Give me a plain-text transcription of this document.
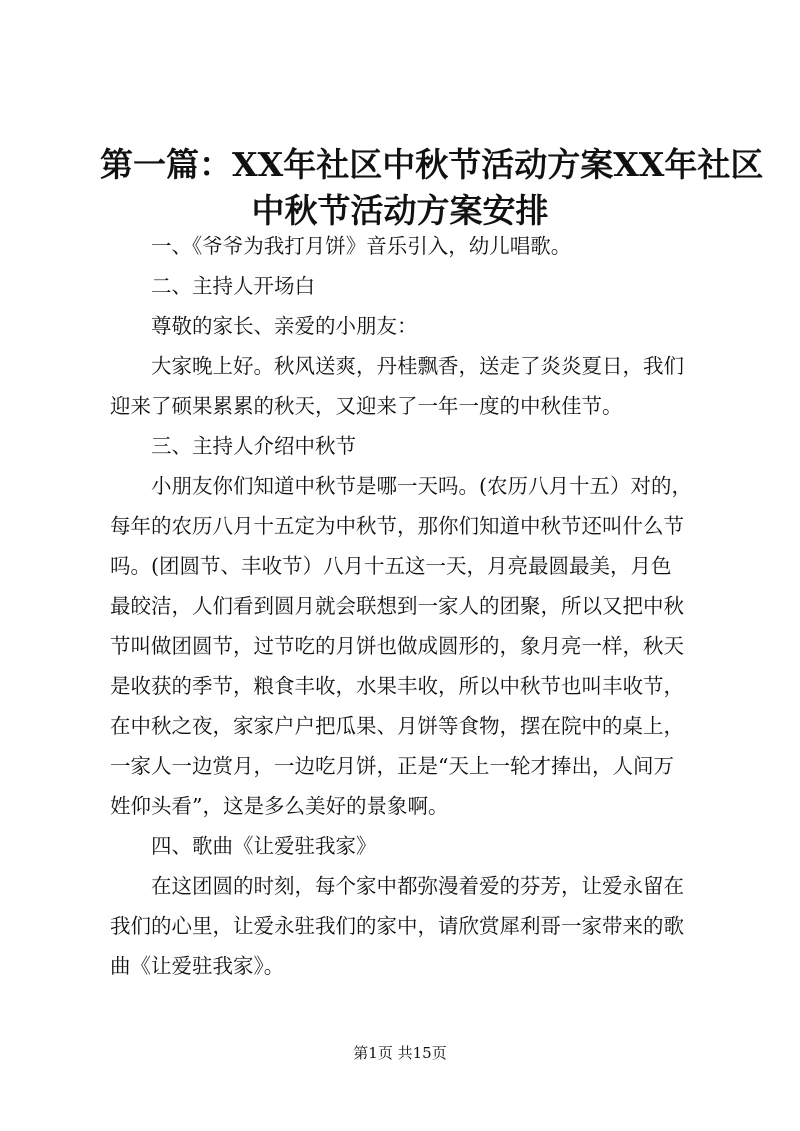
第一篇：XX年社区中秋节活动方案XX年社区
中秋节活动方案安排

一、《爷爷为我打月饼》音乐引入，幼儿唱歌。

二、主持人开场白

尊敬的家长、亲爱的小朋友：

大家晚上好。秋风送爽，丹桂飘香，送走了炎炎夏日，我们

迎来了硕果累累的秋天，又迎来了一年一度的中秋佳节。

三、主持人介绍中秋节

小朋友你们知道中秋节是哪一天吗。(农历八月十五）对的，

每年的农历八月十五定为中秋节，那你们知道中秋节还叫什么节

吗。(团圆节、丰收节）八月十五这一天，月亮最圆最美，月色

最皎洁，人们看到圆月就会联想到一家人的团聚，所以又把中秋

节叫做团圆节，过节吃的月饼也做成圆形的，象月亮一样，秋天

是收获的季节，粮食丰收，水果丰收，所以中秋节也叫丰收节，

在中秋之夜，家家户户把瓜果、月饼等食物，摆在院中的桌上，

一家人一边赏月，一边吃月饼，正是“天上一轮才捧出，人间万

姓仰头看”，这是多么美好的景象啊。

四、歌曲《让爱驻我家》

在这团圆的时刻，每个家中都弥漫着爱的芬芳，让爱永留在

我们的心里，让爱永驻我们的家中，请欣赏犀利哥一家带来的歌

曲《让爱驻我家》。

第1页 共15页
